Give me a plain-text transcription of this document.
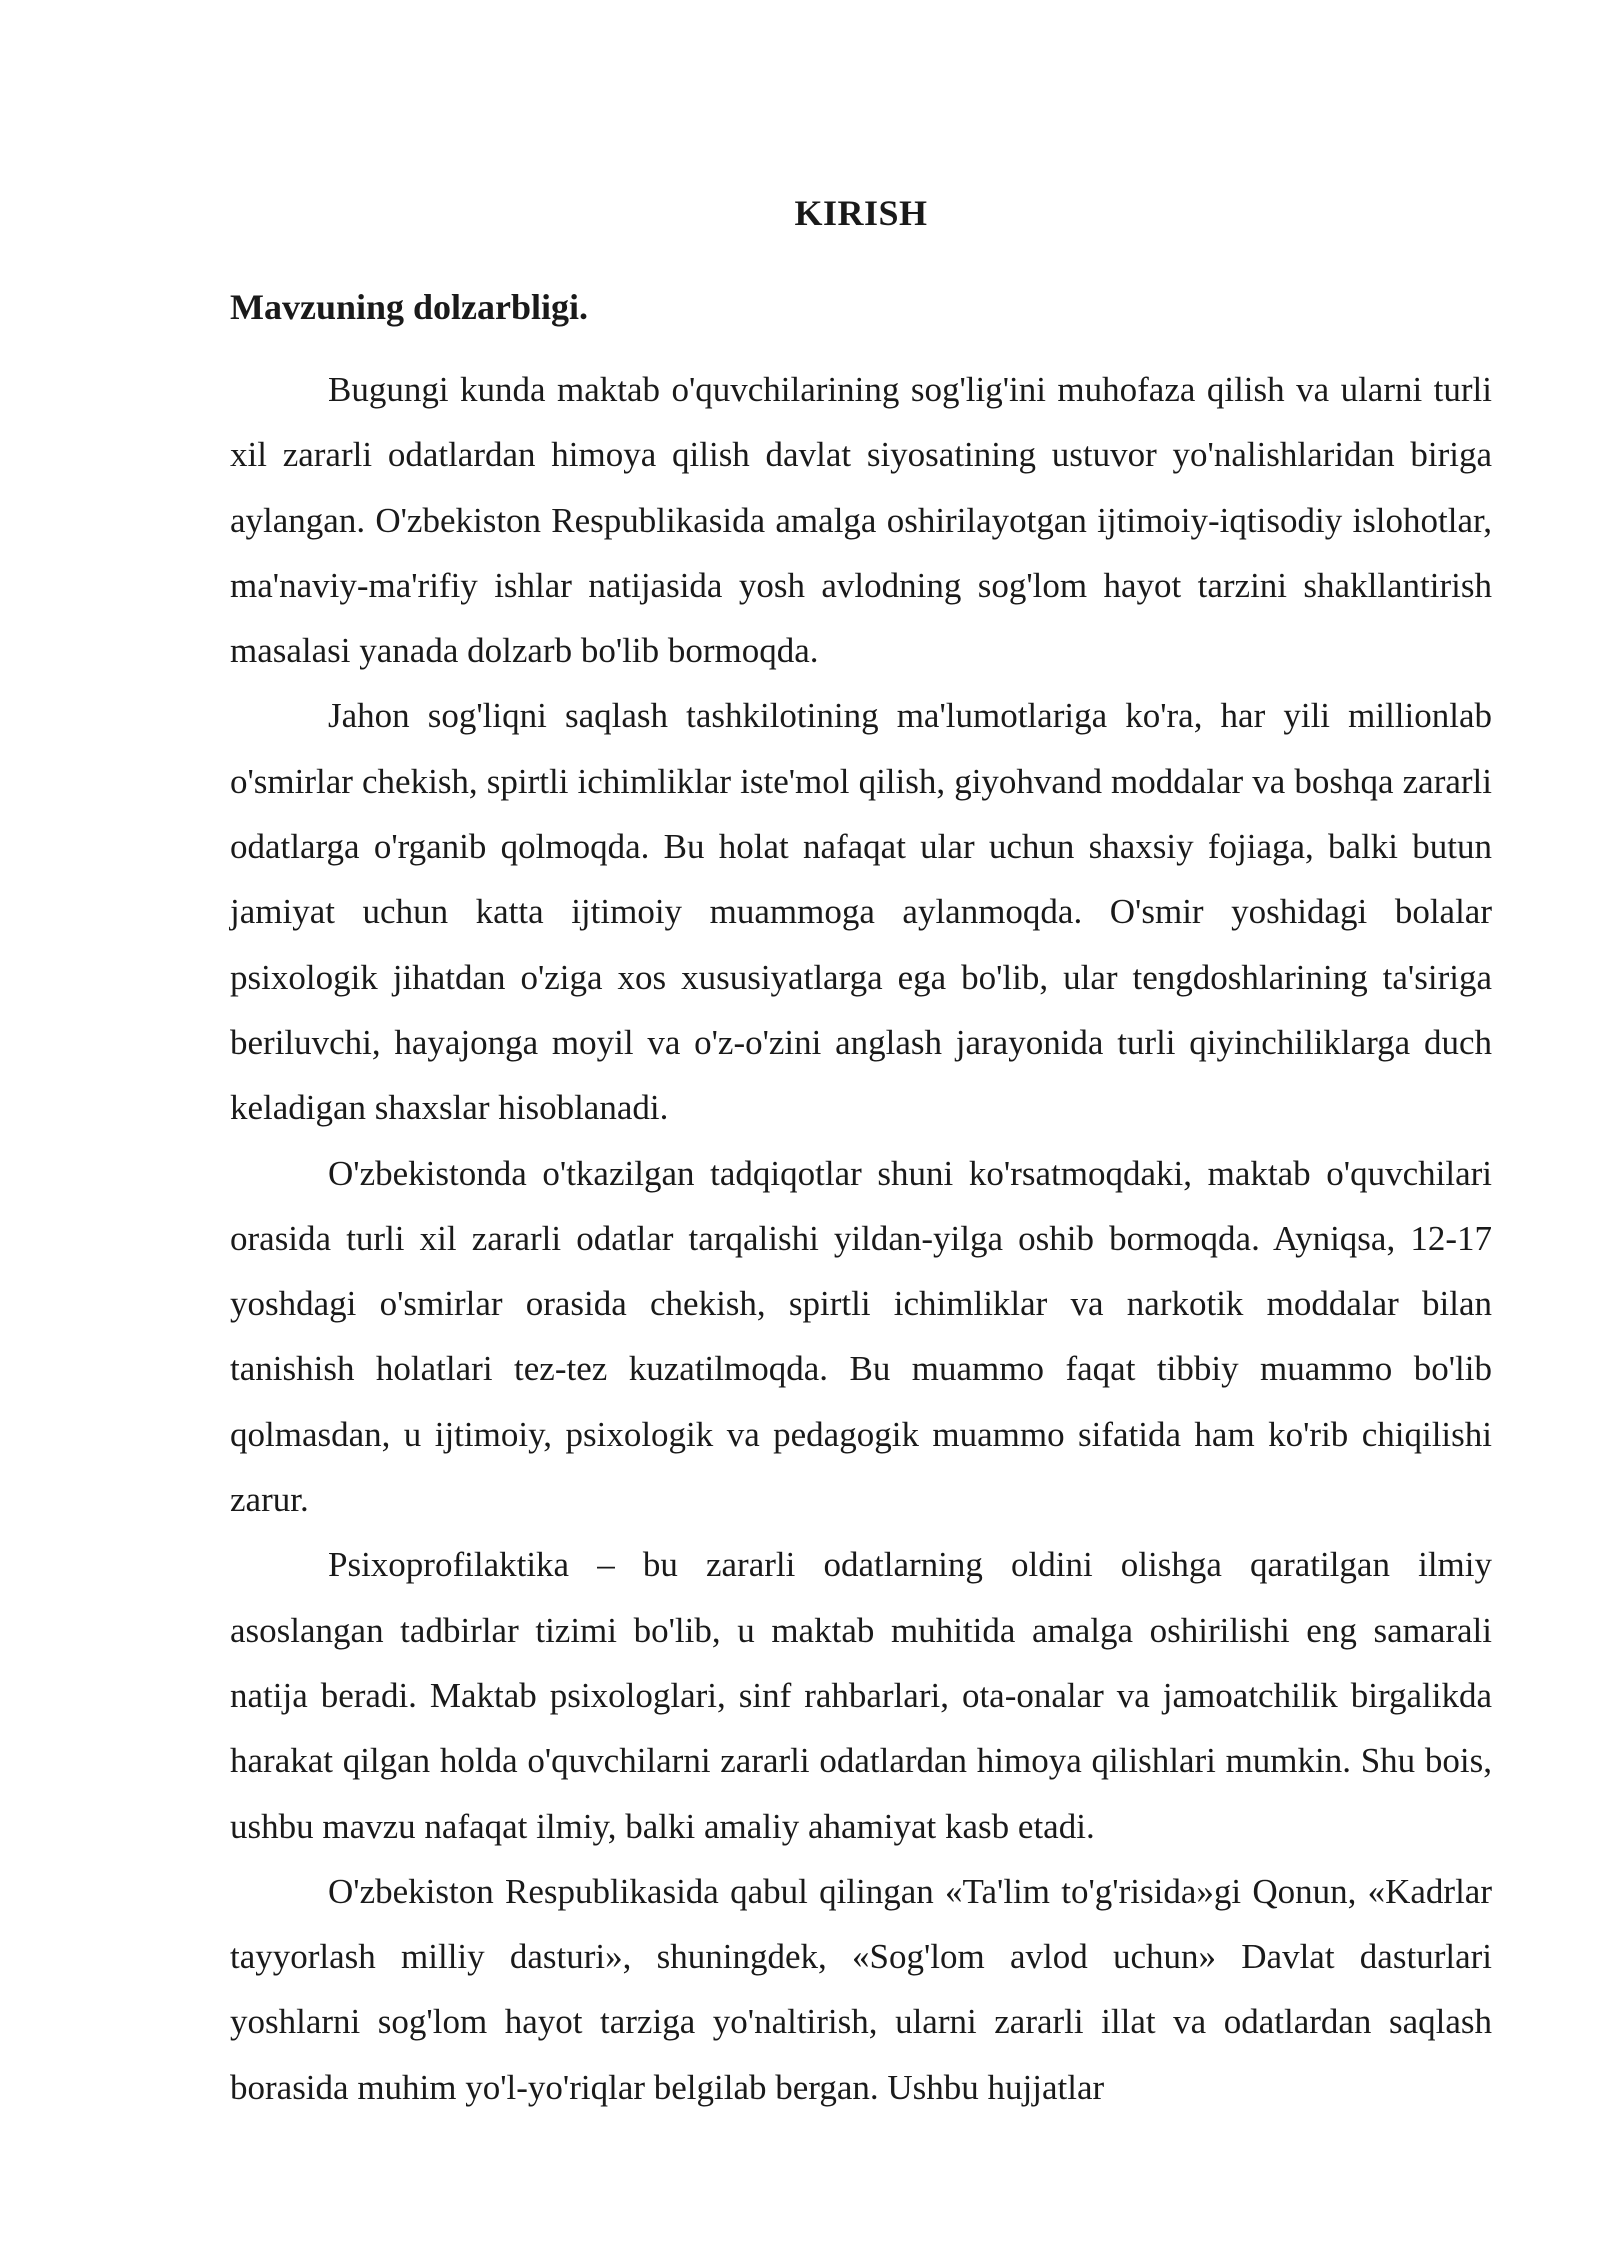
KIRISH
Mavzuning dolzarbligi.

Bugungi kunda maktab o'quvchilarining sog'lig'ini muhofaza qilish va ularni turli xil zararli odatlardan himoya qilish davlat siyosatining ustuvor yo'nalishlaridan biriga aylangan. O'zbekiston Respublikasida amalga oshirilayotgan ijtimoiy-iqtisodiy islohotlar, ma'naviy-ma'rifiy ishlar natijasida yosh avlodning sog'lom hayot tarzini shakllantirish masalasi yanada dolzarb bo'lib bormoqda.

Jahon sog'liqni saqlash tashkilotining ma'lumotlariga ko'ra, har yili millionlab o'smirlar chekish, spirtli ichimliklar iste'mol qilish, giyohvand moddalar va boshqa zararli odatlarga o'rganib qolmoqda. Bu holat nafaqat ular uchun shaxsiy fojiaga, balki butun jamiyat uchun katta ijtimoiy muammoga aylanmoqda. O'smir yoshidagi bolalar psixologik jihatdan o'ziga xos xususiyatlarga ega bo'lib, ular tengdoshlarining ta'siriga beriluvchi, hayajonga moyil va o'z-o'zini anglash jarayonida turli qiyinchiliklarga duch keladigan shaxslar hisoblanadi.

O'zbekistonda o'tkazilgan tadqiqotlar shuni ko'rsatmoqdaki, maktab o'quvchilari orasida turli xil zararli odatlar tarqalishi yildan-yilga oshib bormoqda. Ayniqsa, 12-17 yoshdagi o'smirlar orasida chekish, spirtli ichimliklar va narkotik moddalar bilan tanishish holatlari tez-tez kuzatilmoqda. Bu muammo faqat tibbiy muammo bo'lib qolmasdan, u ijtimoiy, psixologik va pedagogik muammo sifatida ham ko'rib chiqilishi zarur.

Psixoprofilaktika – bu zararli odatlarning oldini olishga qaratilgan ilmiy asoslangan tadbirlar tizimi bo'lib, u maktab muhitida amalga oshirilishi eng samarali natija beradi. Maktab psixologlari, sinf rahbarlari, ota-onalar va jamoatchilik birgalikda harakat qilgan holda o'quvchilarni zararli odatlardan himoya qilishlari mumkin. Shu bois, ushbu mavzu nafaqat ilmiy, balki amaliy ahamiyat kasb etadi.

O'zbekiston Respublikasida qabul qilingan «Ta'lim to'g'risida»gi Qonun, «Kadrlar tayyorlash milliy dasturi», shuningdek, «Sog'lom avlod uchun» Davlat dasturlari yoshlarni sog'lom hayot tarziga yo'naltirish, ularni zararli illat va odatlardan saqlash borasida muhim yo'l-yo'riqlar belgilab bergan. Ushbu hujjatlar
